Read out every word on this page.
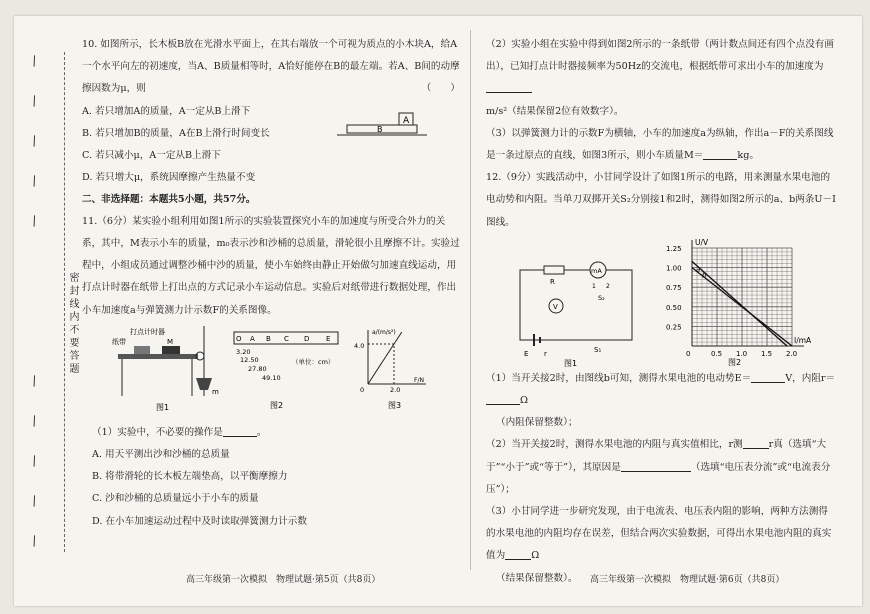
/
/
/
/
/
/
/
/
/
/
密封线内不要答题

10. 如图所示，长木板B放在光滑水平面上，在其右端放一个可视为质点的小木块A，给A一个水平向左的初速度，当A、B质量相等时，A恰好能停在B的最左端。若A、B间的动摩擦因数为μ，则	（　　）

A. 若只增加A的质量，A一定从B上滑下

B. 若只增加B的质量，A在B上滑行时间变长

C. 若只减小μ，A一定从B上滑下

D. 若只增大μ，系统因摩擦产生热量不变

A
B

二、非选择题：本题共5小题，共57分。

11.（6分）某实验小组利用如图1所示的实验装置探究小车的加速度与所受合外力的关系，其中，M表示小车的质量，m₀表示沙和沙桶的总质量，滑轮很小且摩擦不计。实验过程中，小组成员通过调整沙桶中沙的质量，使小车始终由静止开始做匀加速直线运动，用打点计时器在纸带上打出点的方式记录小车运动信息。实验后对纸带进行数据处理，作出小车加速度a与弹簧测力计示数F的关系图像。

打点计时器
纸带	M
m
图1
O A B C D E
3.20
12.50
27.80
49.10
（单位：cm）
图2
a/(m/s²)
4.0
0	2.0
F/N
图3

（1）实验中，不必要的操作是	。

A. 用天平测出沙和沙桶的总质量

B. 将带滑轮的长木板左端垫高，以平衡摩擦力

C. 沙和沙桶的总质量远小于小车的质量

D. 在小车加速运动过程中及时读取弹簧测力计示数

高三年级第一次模拟　物理试题·第5页（共8页）

（2）实验小组在实验中得到如图2所示的一条纸带（两计数点间还有四个点没有画出），已知打点计时器接频率为50Hz的交流电，根据纸带可求出小车的加速度为
m/s²（结果保留2位有效数字）。

（3）以弹簧测力计的示数F为横轴，小车的加速度a为纵轴，作出a－F的关系图线是一条过原点的直线，如图3所示，则小车质量M＝	kg。

12.（9分）实践活动中，小甘同学设计了如图1所示的电路，用来测量水果电池的电动势和内阻。当单刀双掷开关S₂分别接1和2时，测得如图2所示的a、b两条U－I图线。

R
mA
V
S₂
1 2
E r	S₁
图1
0.25
0.50
0.75
1.00
1.25
0	0.5 1.0 1.5 2.0
a
b
U/V
I/mA
图2

（1）当开关接2时，由图线b可知，测得水果电池的电动势E＝	V，内阻r＝Ω

（内阻保留整数）；

（2）当开关接2时，测得水果电池的内阻与真实值相比，r测	r真（选填“大于”“小于”或“等于”），其原因是	（选填“电压表分流”或“电流表分压”）；

（3）小甘同学进一步研究发现，由于电流表、电压表内阻的影响，两种方法测得的水果电池的内阻均存在误差，但结合两次实验数据，可得出水果电池内阻的真实值为	Ω

（结果保留整数）。	高三年级第一次模拟　物理试题·第6页（共8页）
